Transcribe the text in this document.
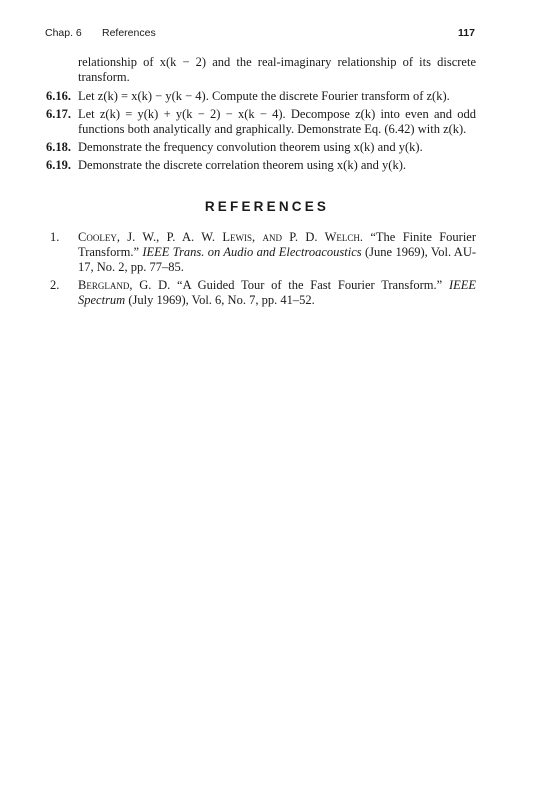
Chap. 6 References	117
relationship of x(k − 2) and the real-imaginary relationship of its discrete transform.
6.16. Let z(k) = x(k) − y(k − 4). Compute the discrete Fourier transform of z(k).
6.17. Let z(k) = y(k) + y(k − 2) − x(k − 4). Decompose z(k) into even and odd functions both analytically and graphically. Demonstrate Eq. (6.42) with z(k).
6.18. Demonstrate the frequency convolution theorem using x(k) and y(k).
6.19. Demonstrate the discrete correlation theorem using x(k) and y(k).
REFERENCES
1. Cooley, J. W., P. A. W. Lewis, and P. D. Welch. “The Finite Fourier Transform.” IEEE Trans. on Audio and Electroacoustics (June 1969), Vol. AU-17, No. 2, pp. 77–85.
2. Bergland, G. D. “A Guided Tour of the Fast Fourier Transform.” IEEE Spectrum (July 1969), Vol. 6, No. 7, pp. 41–52.
